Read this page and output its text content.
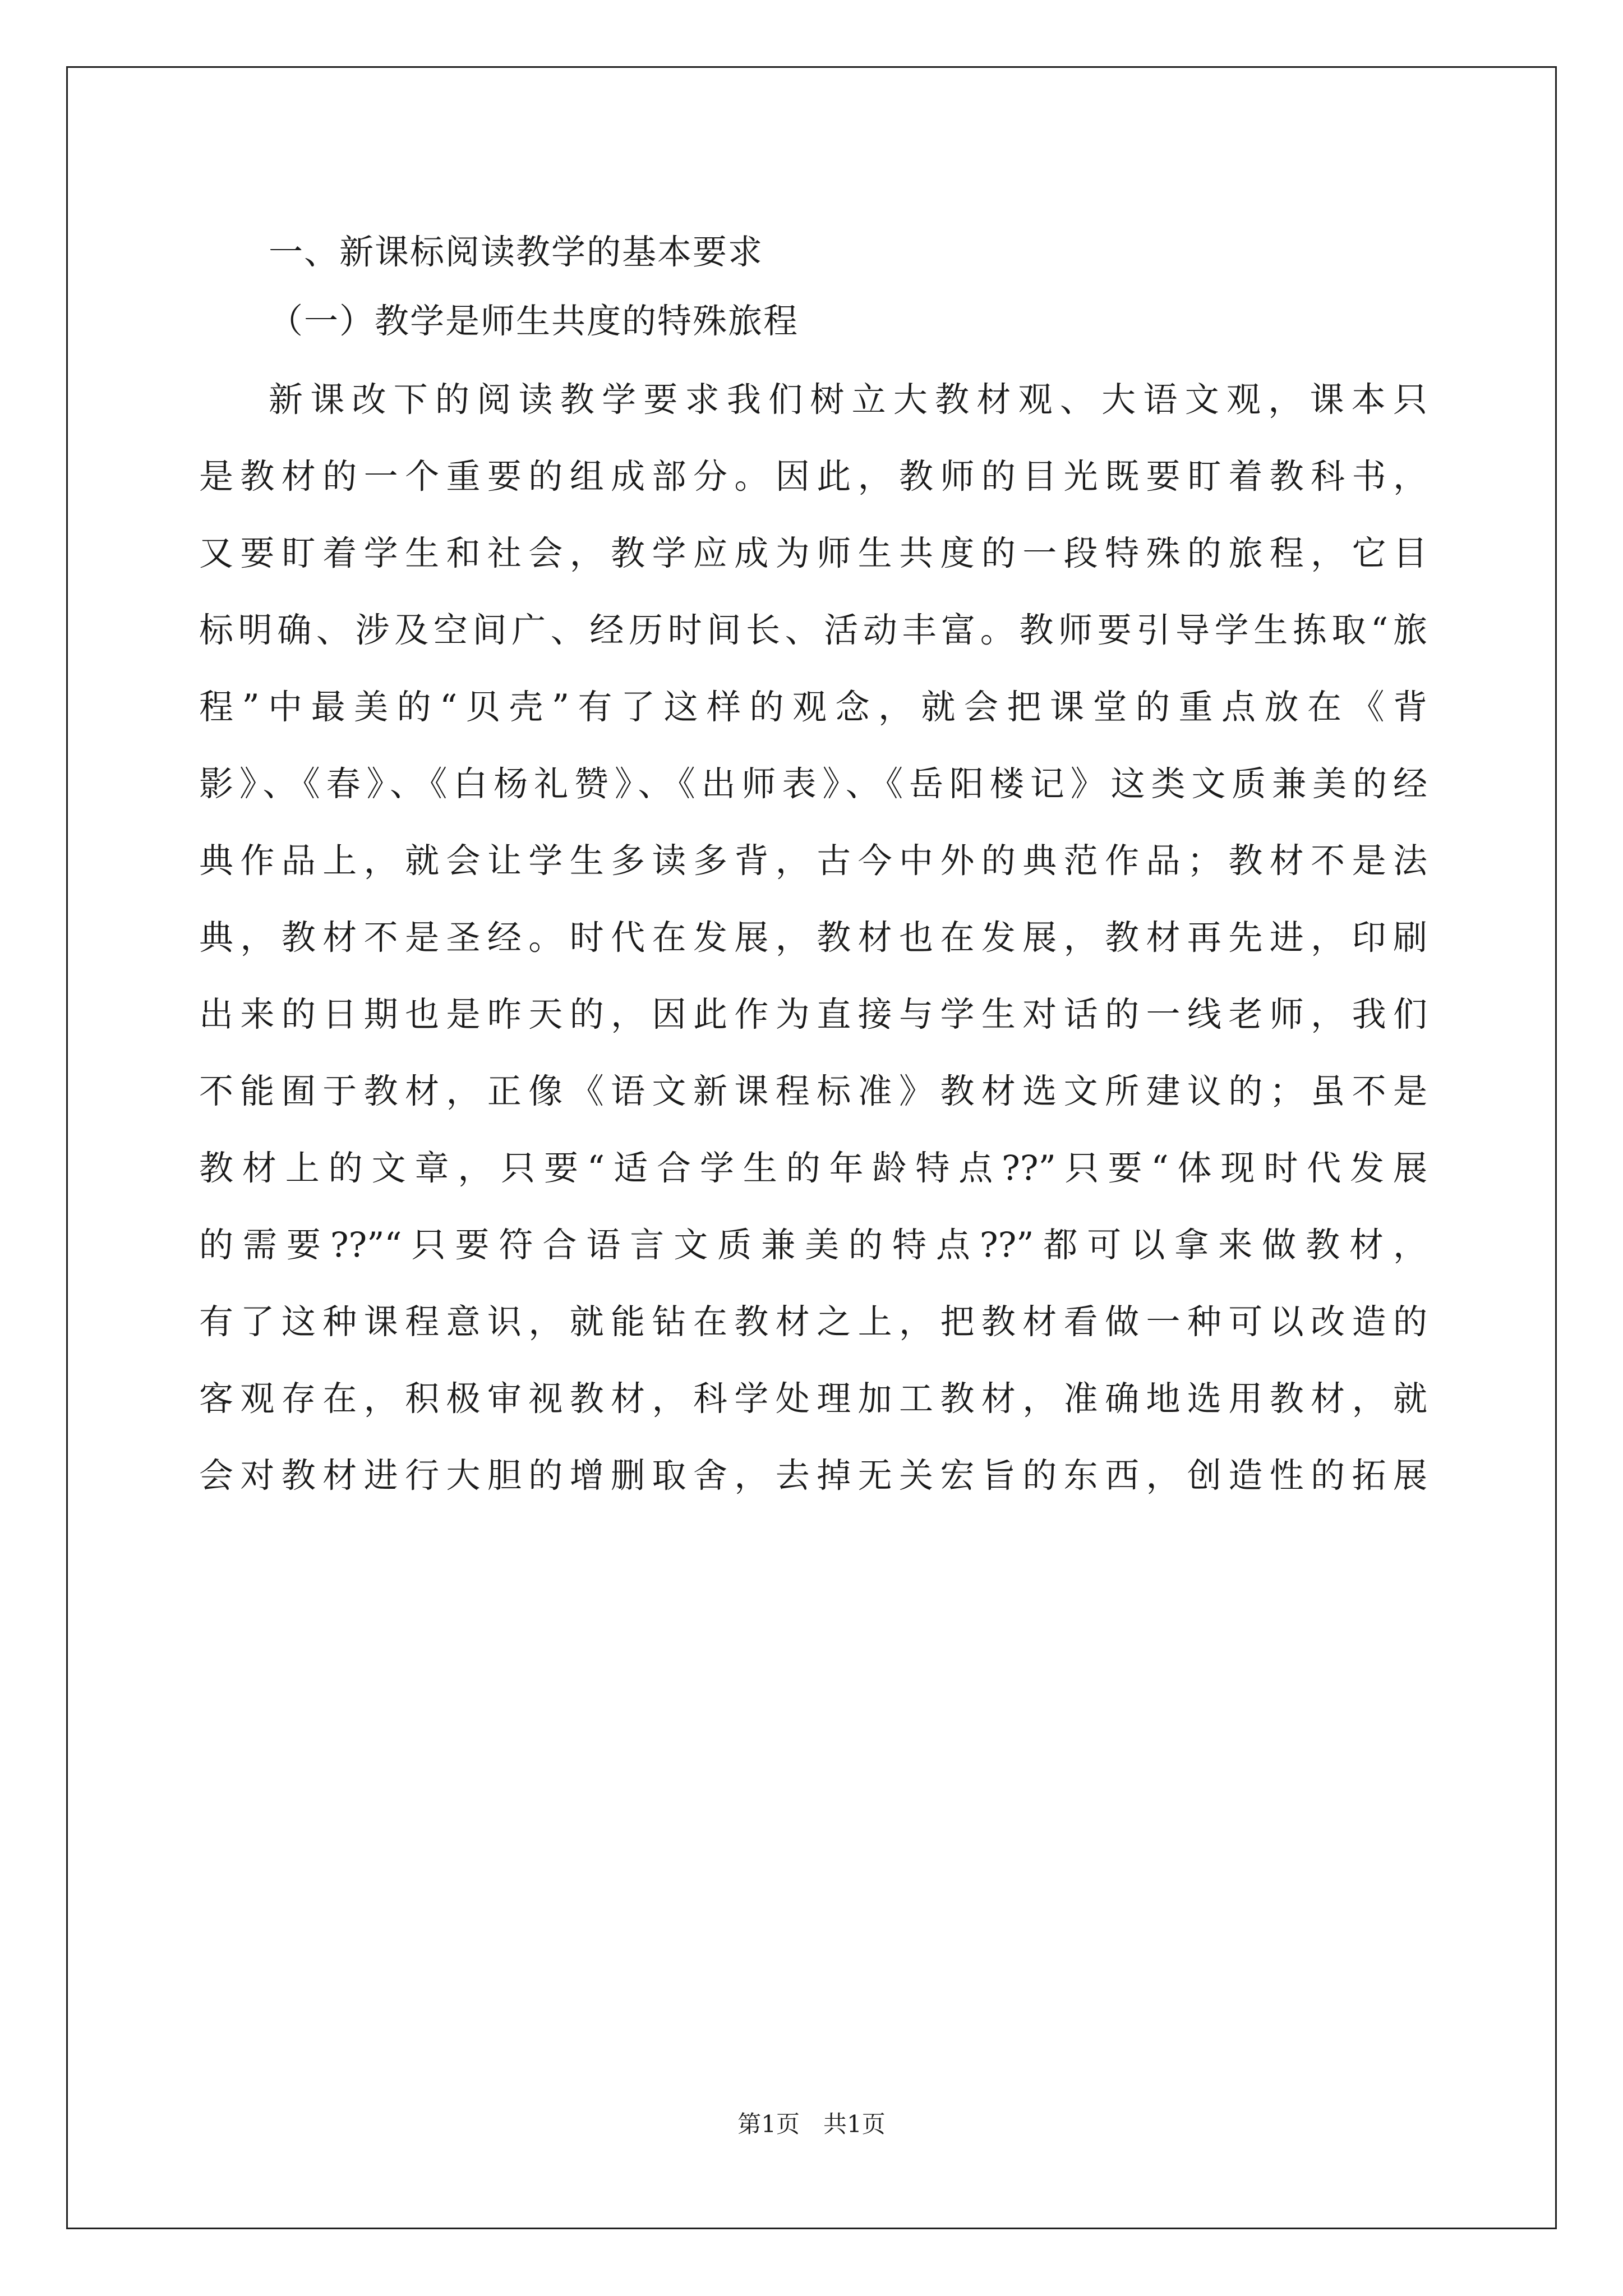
一、新课标阅读教学的基本要求
（一）教学是师生共度的特殊旅程
新课改下的阅读教学要求我们树立大教材观、大语文观，课本只
是教材的一个重要的组成部分。因此，教师的目光既要盯着教科书，
又要盯着学生和社会，教学应成为师生共度的一段特殊的旅程，它目
标明确、涉及空间广、经历时间长、活动丰富。教师要引导学生拣取“旅
程”中最美的“贝壳”有了这样的观念，就会把课堂的重点放在《背
影》、《春》、《白杨礼赞》、《出师表》、《岳阳楼记》这类文质兼美的经
典作品上，就会让学生多读多背，古今中外的典范作品；教材不是法
典，教材不是圣经。时代在发展，教材也在发展，教材再先进，印刷
出来的日期也是昨天的，因此作为直接与学生对话的一线老师，我们
不能囿于教材，正像《语文新课程标准》教材选文所建议的；虽不是
教材上的文章，只要“适合学生的年龄特点??”只要“体现时代发展
的需要??”“只要符合语言文质兼美的特点??”都可以拿来做教材，
有了这种课程意识，就能钻在教材之上，把教材看做一种可以改造的
客观存在，积极审视教材，科学处理加工教材，准确地选用教材，就
会对教材进行大胆的增删取舍，去掉无关宏旨的东西，创造性的拓展
第1页　共1页
